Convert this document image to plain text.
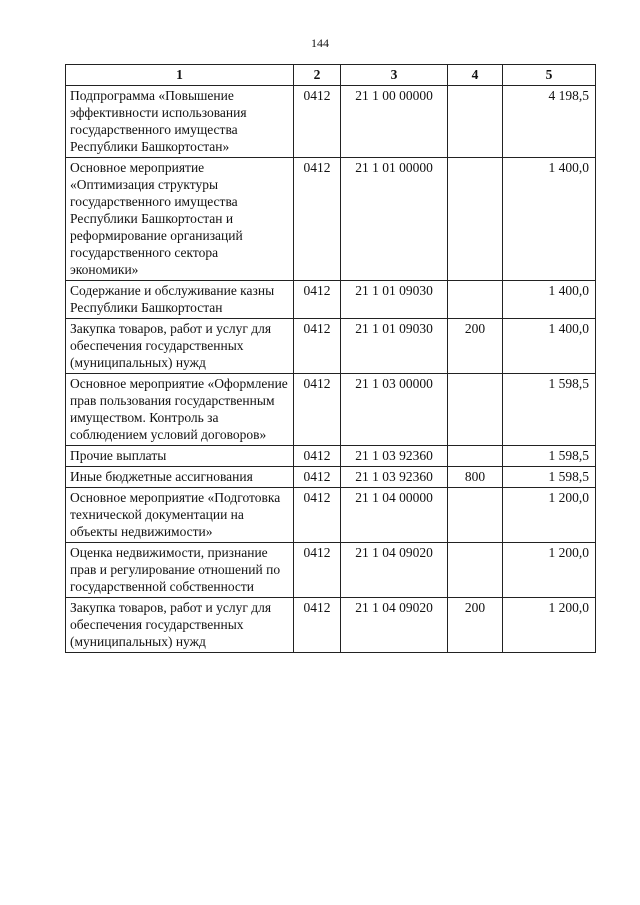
144
1	2	3	4	5
Подпрограмма «Повышение эффективности использования государственного имущества Республики Башкортостан»	0412	21 1 00 00000		4 198,5
Основное мероприятие «Оптимизация структуры государственного имущества Республики Башкортостан и реформирование организаций государственного сектора экономики»	0412	21 1 01 00000		1 400,0
Содержание и обслуживание казны Республики Башкортостан	0412	21 1 01 09030		1 400,0
Закупка товаров, работ и услуг для обеспечения государственных (муниципальных) нужд	0412	21 1 01 09030	200	1 400,0
Основное мероприятие «Оформление прав пользования государственным имуществом. Контроль за соблюдением условий договоров»	0412	21 1 03 00000		1 598,5
Прочие выплаты	0412	21 1 03 92360		1 598,5
Иные бюджетные ассигнования	0412	21 1 03 92360	800	1 598,5
Основное мероприятие «Подготовка технической документации на объекты недвижимости»	0412	21 1 04 00000		1 200,0
Оценка недвижимости, признание прав и регулирование отношений по государственной собственности	0412	21 1 04 09020		1 200,0
Закупка товаров, работ и услуг для обеспечения государственных (муниципальных) нужд	0412	21 1 04 09020	200	1 200,0
